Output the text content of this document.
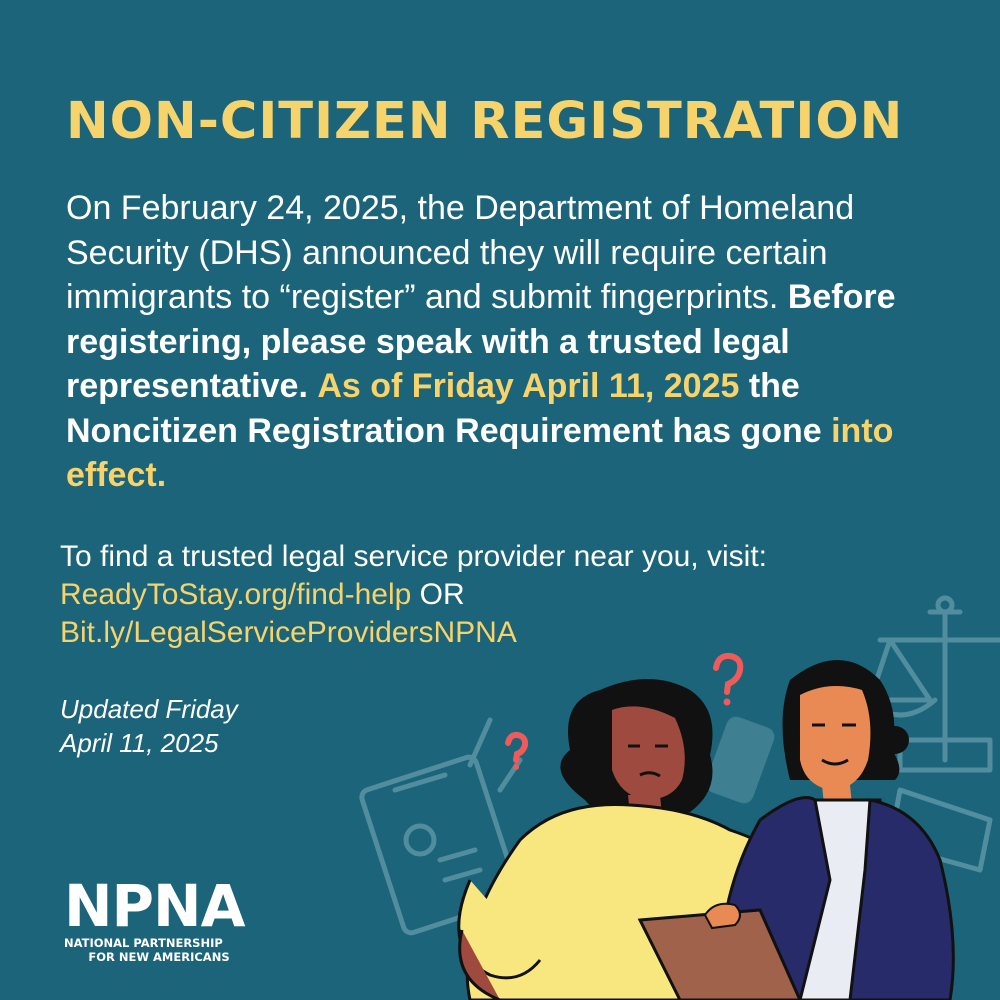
NON-CITIZEN REGISTRATION
On February 24, 2025, the Department of Homeland Security (DHS) announced they will require certain immigrants to “register” and submit fingerprints. Before registering, please speak with a trusted legal representative. As of Friday April 11, 2025 the Noncitizen Registration Requirement has gone into effect.
To find a trusted legal service provider near you, visit: ReadyToStay.org/find-help OR
Bit.ly/LegalServiceProvidersNPNA
Updated Friday
April 11, 2025
NPNA
NATIONAL PARTNERSHIP
FOR NEW AMERICANS
